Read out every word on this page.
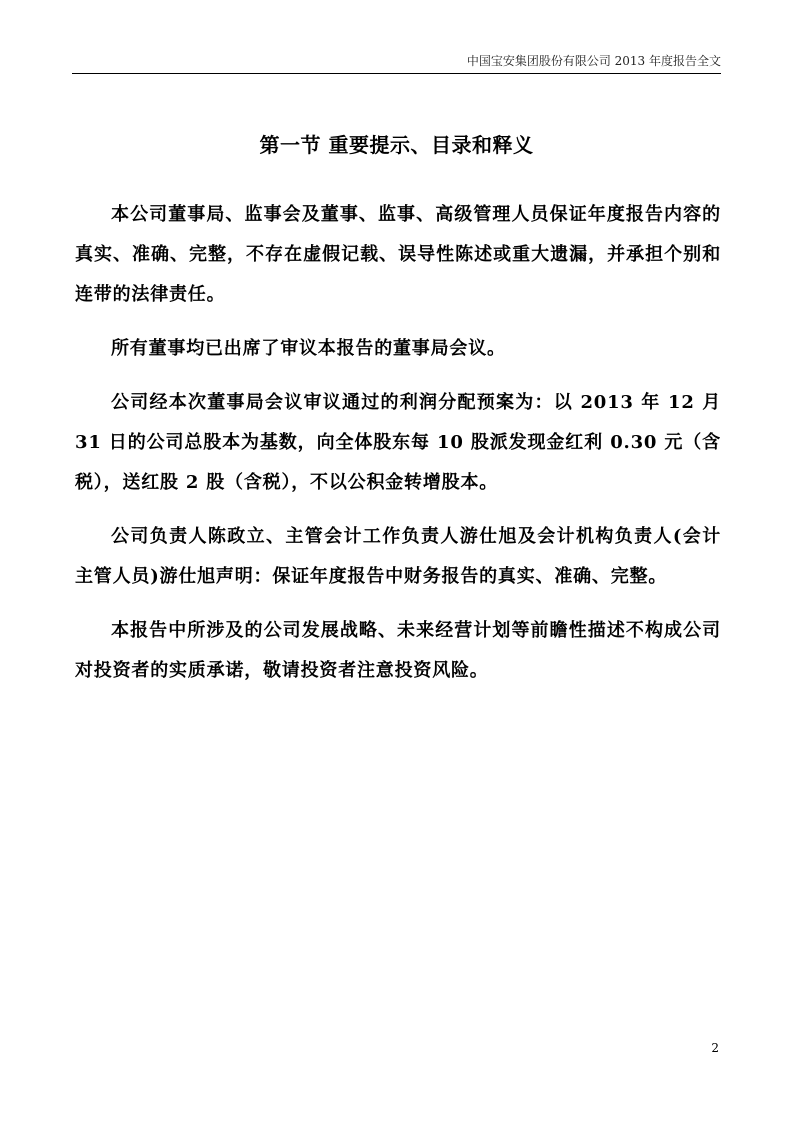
中国宝安集团股份有限公司 2013 年度报告全文
第一节 重要提示、目录和释义

本公司董事局、监事会及董事、监事、高级管理人员保证年度报告内容的真实、准确、完整，不存在虚假记载、误导性陈述或重大遗漏，并承担个别和连带的法律责任。

所有董事均已出席了审议本报告的董事局会议。

公司经本次董事局会议审议通过的利润分配预案为：以 2013 年 12 月 31 日的公司总股本为基数，向全体股东每 10 股派发现金红利 0.30 元（含税），送红股 2 股（含税），不以公积金转增股本。

公司负责人陈政立、主管会计工作负责人游仕旭及会计机构负责人(会计主管人员)游仕旭声明：保证年度报告中财务报告的真实、准确、完整。

本报告中所涉及的公司发展战略、未来经营计划等前瞻性描述不构成公司对投资者的实质承诺，敬请投资者注意投资风险。

2
